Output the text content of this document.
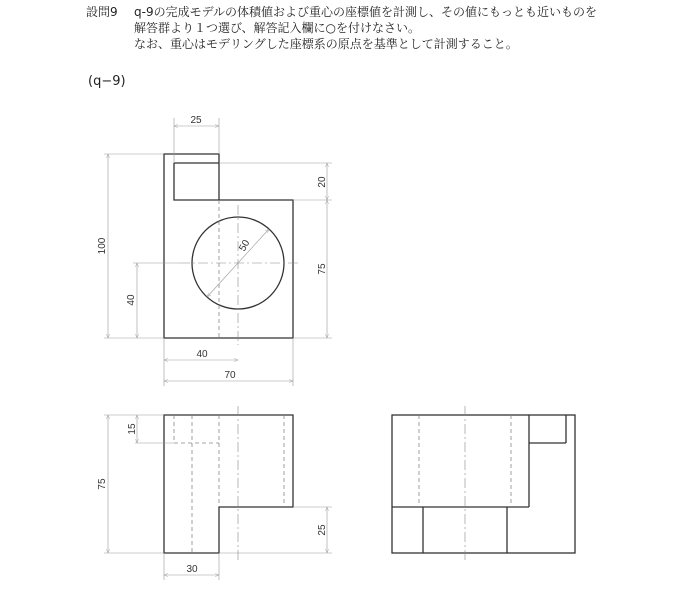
設問9	q-9の完成モデルの体積値および重心の座標値を計測し、その値にもっとも近いものを
解答群より１つ選び、解答記入欄に○を付けなさい。
なお、重心はモデリングした座標系の原点を基準として計測すること。
(q−9)
25
100
40
20
75
50
40
70
75
15
25
30
